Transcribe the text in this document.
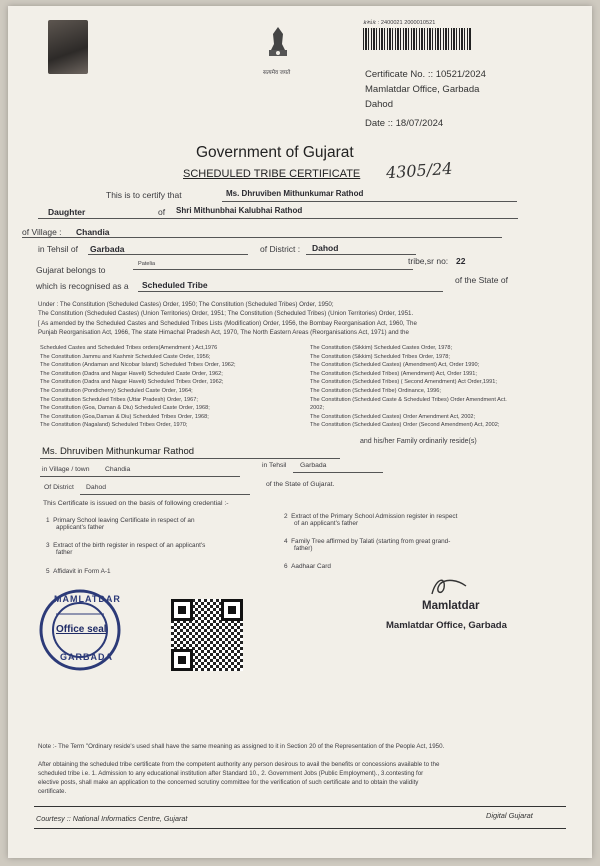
सत्यमेव जयते
ક્રમાંક : 2400021 2000010521
Certificate No. :: 10521/2024
Mamlatdar Office, Garbada
Dahod
Date :: 18/07/2024
Government of Gujarat
SCHEDULED TRIBE CERTIFICATE 4305/24
This is to certify that	Ms. Dhruviben Mithunkumar Rathod
Daughter	of Shri Mithunbhai Kalubhai Rathod
of Village : Chandia
in Tehsil of Garbada	of District : Dahod
Gujarat belongs to
Patelia	tribe,sr no: 22
which is recognised as a Scheduled Tribe	of the State of
Under : The Constitution (Scheduled Castes) Order, 1950; The Constitution (Scheduled Tribes) Order, 1950;
The Constitution (Scheduled Castes) (Union Territories) Order, 1951; The Constitution (Scheduled Tribes) (Union Territories) Order, 1951.
[ As amended by the Scheduled Castes and Scheduled Tribes Lists (Modification) Order, 1956, the Bombay Reorganisation Act, 1960, The
Punjab Reorganisation Act, 1966, The state Himachal Pradesh Act, 1970, The North Eastern Areas (Reorganisations Act, 1971) and the
Scheduled Castes and Scheduled Tribes orders(Amendment ) Act,1976
The Constitution Jammu and Kashmir Scheduled Caste Order, 1956;
The Constitution (Andaman and Nicobar Island) Scheduled Tribes Order, 1962;
The Constitution (Dadra and Nagar Haveli) Scheduled Caste Order, 1962;
The Constitution (Dadra and Nagar Haveli) Scheduled Tribes Order, 1962;
The Constitution (Pondicherry) Scheduled Caste Order, 1964;
The Constitution Scheduled Tribes (Uttar Pradesh) Order, 1967;
The Constitution (Goa, Daman & Diu) Scheduled Caste Order, 1968;
The Constitution (Goa,Daman & Diu) Scheduled Tribes Order, 1968;
The Constitution (Nagaland) Scheduled Tribes Order, 1970;
The Constitution (Sikkim) Scheduled Castes Order, 1978;
The Constitution (Sikkim) Scheduled Tribes Order, 1978;
The Constitution (Scheduled Castes) (Amendment) Act, Order 1990;
The Constitution (Scheduled Tribes) (Amendment) Act, Order 1991;
The Constitution (Scheduled Tribes) ( Second Amendment) Act Order,1991;
The Constitution (Scheduled Tribe) Ordinance, 1996;
The Constitution (Scheduled Caste & Scheduled Tribes) Order Amendment Act.
2002;
The Constitution (Scheduled Castes) Order Amendment Act, 2002;
The Constitution (Scheduled Castes) Order (Second Amendment) Act, 2002;
Ms. Dhruviben Mithunkumar Rathod
and his/her Family ordinarily reside(s)
in Village / town Chandia
in Tehsil Garbada
Of District Dahod	of the State of Gujarat.
This Certificate is issued on the basis of following credential :-
1 Primary School leaving Certificate in respect of an
applicant's father
2 Extract of the Primary School Admission register in respect
of an applicant's father
3 Extract of the birth register in respect of an applicant's
father
4 Family Tree affirmed by Talati (starting from great grand-
father)
5 Affidavit in Form A-1
6 Aadhaar Card
MAMLATDAR
Office seal
GARBADA
Mamlatdar
Mamlatdar Office, Garbada
Note :- The Term "Ordinary reside's used shall have the same meaning as assigned to it in Section 20 of the Representation of the People Act, 1950.
After obtaining the scheduled tribe certificate from the competent authority any person desirous to avail the benefits or concessions available to the
scheduled tribe i.e. 1. Admission to any educational institution after Standard 10., 2. Government Jobs (Public Employment)., 3.contesting for
elective posts, shall make an application to the concerned scrutiny committee for the verification of such certificate and to obtain the validity
certificate.
Courtesy :: National Informatics Centre, Gujarat	Digital Gujarat
